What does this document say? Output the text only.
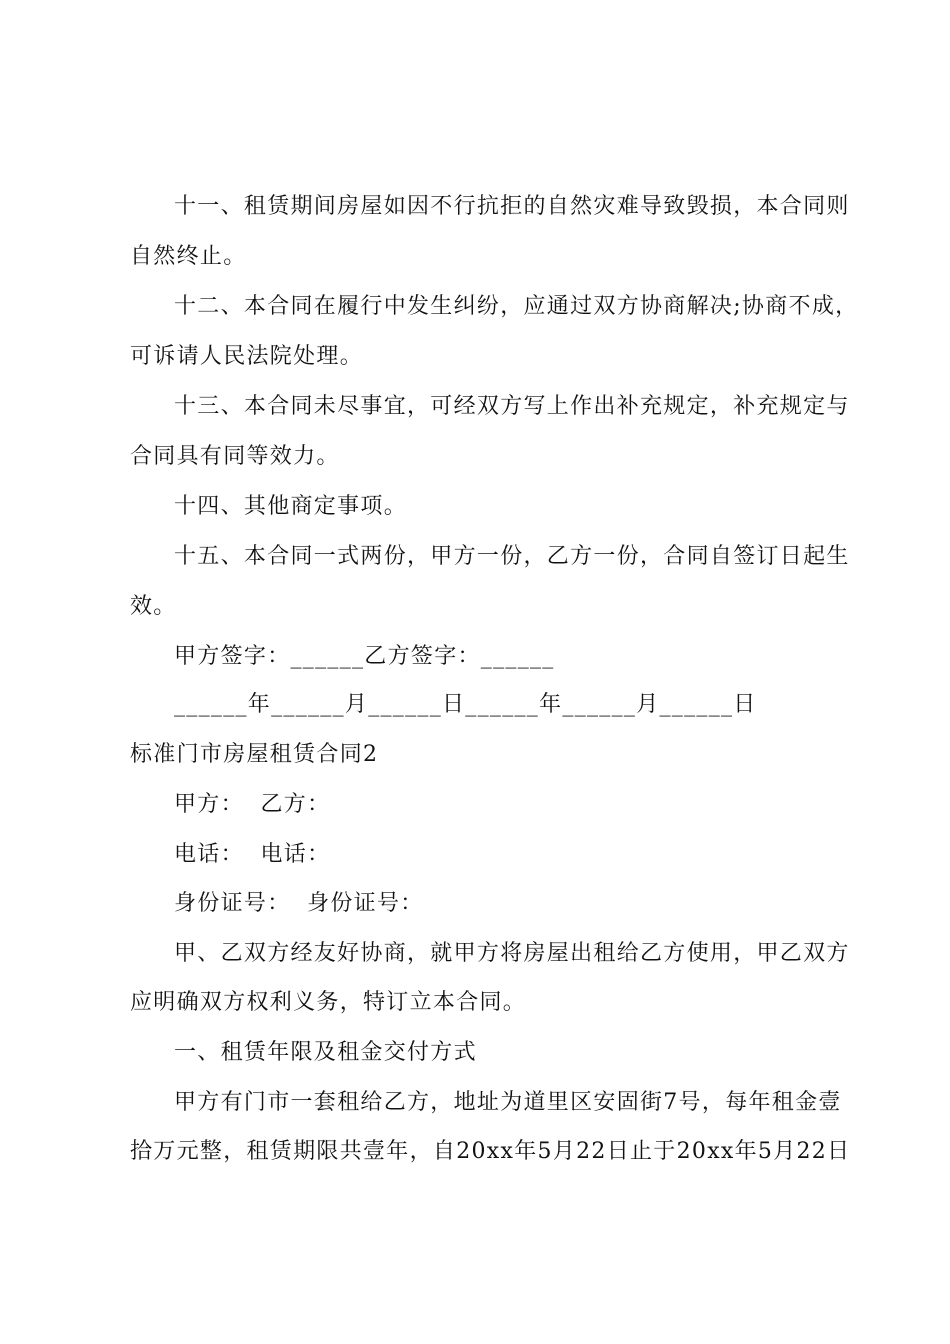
十一、租赁期间房屋如因不行抗拒的自然灾难导致毁损，本合同则
自然终止。
十二、本合同在履行中发生纠纷，应通过双方协商解决;协商不成，
可诉请人民法院处理。
十三、本合同未尽事宜，可经双方写上作出补充规定，补充规定与
合同具有同等效力。
十四、其他商定事项。
十五、本合同一式两份，甲方一份，乙方一份，合同自签订日起生
效。
甲方签字：______乙方签字：______
______年______月______日______年______月______日
标准门市房屋租赁合同2
甲方：  乙方：
电话：  电话：
身份证号：  身份证号：
甲、乙双方经友好协商，就甲方将房屋出租给乙方使用，甲乙双方
应明确双方权利义务，特订立本合同。
一、租赁年限及租金交付方式
甲方有门市一套租给乙方，地址为道里区安固街7号，每年租金壹
拾万元整，租赁期限共壹年，自20xx年5月22日止于20xx年5月22日
